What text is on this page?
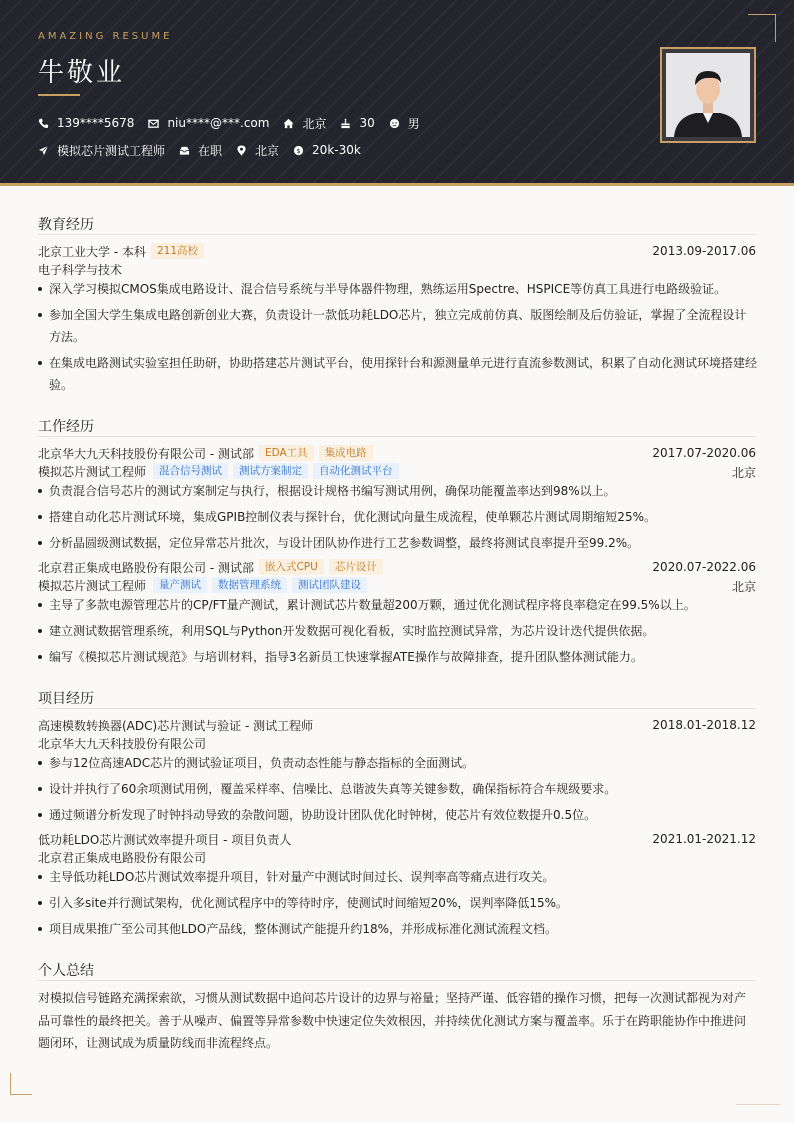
AMAZING RESUME
牛敬业
139****5678	niu****@***.com	北京	30	男
模拟芯片测试工程师	在职	北京 $ 20k-30k
教育经历
北京工业大学 - 本科	211高校	2013.09-2017.06
电子科学与技术
深入学习模拟CMOS集成电路设计、混合信号系统与半导体器件物理，熟练运用Spectre、HSPICE等仿真工具进行电路级验证。
参加全国大学生集成电路创新创业大赛，负责设计一款低功耗LDO芯片，独立完成前仿真、版图绘制及后仿验证，掌握了全流程设计方法。
在集成电路测试实验室担任助研，协助搭建芯片测试平台，使用探针台和源测量单元进行直流参数测试，积累了自动化测试环境搭建经验。
工作经历
北京华大九天科技股份有限公司 - 测试部	EDA工具	集成电路	2017.07-2020.06
模拟芯片测试工程师	混合信号测试	测试方案制定	自动化测试平台	北京
负责混合信号芯片的测试方案制定与执行，根据设计规格书编写测试用例，确保功能覆盖率达到98%以上。
搭建自动化芯片测试环境，集成GPIB控制仪表与探针台，优化测试向量生成流程，使单颗芯片测试周期缩短25%。
分析晶圆级测试数据，定位异常芯片批次，与设计团队协作进行工艺参数调整，最终将测试良率提升至99.2%。
北京君正集成电路股份有限公司 - 测试部	嵌入式CPU	芯片设计	2020.07-2022.06
模拟芯片测试工程师	量产测试	数据管理系统	测试团队建设	北京
主导了多款电源管理芯片的CP/FT量产测试，累计测试芯片数量超200万颗，通过优化测试程序将良率稳定在99.5%以上。
建立测试数据管理系统，利用SQL与Python开发数据可视化看板，实时监控测试异常，为芯片设计迭代提供依据。
编写《模拟芯片测试规范》与培训材料，指导3名新员工快速掌握ATE操作与故障排查，提升团队整体测试能力。
项目经历
高速模数转换器(ADC)芯片测试与验证 - 测试工程师	2018.01-2018.12
北京华大九天科技股份有限公司
参与12位高速ADC芯片的测试验证项目，负责动态性能与静态指标的全面测试。
设计并执行了60余项测试用例，覆盖采样率、信噪比、总谐波失真等关键参数，确保指标符合车规级要求。
通过频谱分析发现了时钟抖动导致的杂散问题，协助设计团队优化时钟树，使芯片有效位数提升0.5位。
低功耗LDO芯片测试效率提升项目 - 项目负责人	2021.01-2021.12
北京君正集成电路股份有限公司
主导低功耗LDO芯片测试效率提升项目，针对量产中测试时间过长、误判率高等痛点进行攻关。
引入多site并行测试架构，优化测试程序中的等待时序，使测试时间缩短20%，误判率降低15%。
项目成果推广至公司其他LDO产品线，整体测试产能提升约18%，并形成标准化测试流程文档。
个人总结
对模拟信号链路充满探索欲，习惯从测试数据中追问芯片设计的边界与裕量；坚持严谨、低容错的操作习惯，把每一次测试都视为对产品可靠性的最终把关。善于从噪声、偏置等异常参数中快速定位失效根因，并持续优化测试方案与覆盖率。乐于在跨职能协作中推进问题闭环，让测试成为质量防线而非流程终点。
